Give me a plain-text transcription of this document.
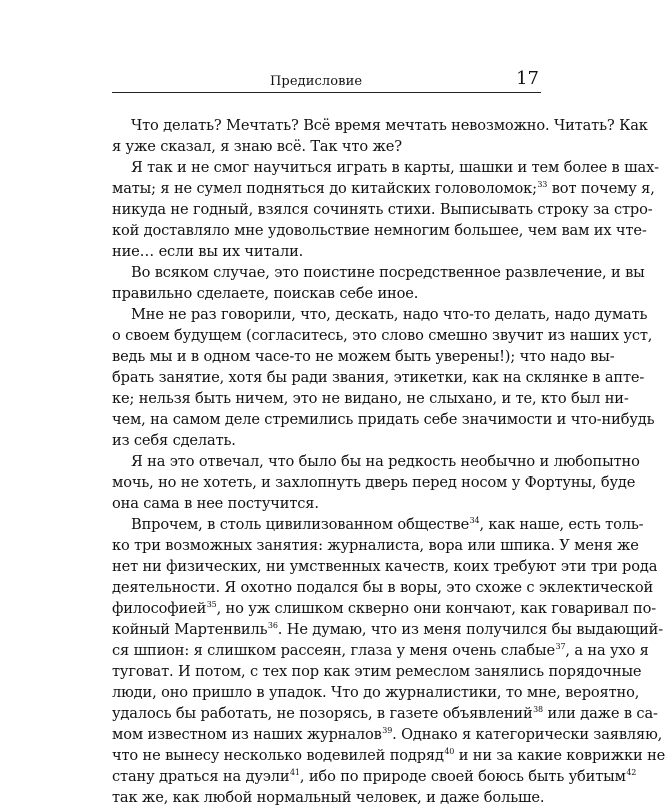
Предисловие	17
Что делать? Мечтать? Всё время мечтать невозможно. Читать? Как
я уже сказал, я знаю всё. Так что же?
Я так и не смог научиться играть в карты, шашки и тем более в шах-
маты; я не сумел подняться до китайских головоломок;$^{33}$ вот почему я,
никуда не годный, взялся сочинять стихи. Выписывать строку за стро-
кой доставляло мне удовольствие немногим большее, чем вам их чте-
ние… если вы их читали.
Во всяком случае, это поистине посредственное развлечение, и вы
правильно сделаете, поискав себе иное.
Мне не раз говорили, что, дескать, надо что-то делать, надо думать
о своем будущем (согласитесь, это слово смешно звучит из наших уст,
ведь мы и в одном часе-то не можем быть уверены!); что надо вы-
брать занятие, хотя бы ради звания, этикетки, как на склянке в апте-
ке; нельзя быть ничем, это не видано, не слыхано, и те, кто был ни-
чем, на самом деле стремились придать себе значимости и что-нибудь
из себя сделать.
Я на это отвечал, что было бы на редкость необычно и любопытно
мочь, но не хотеть, и захлопнуть дверь перед носом у Фортуны, буде
она сама в нее постучится.
Впрочем, в столь цивилизованном обществе$^{34}$, как наше, есть толь-
ко три возможных занятия: журналиста, вора или шпика. У меня же
нет ни физических, ни умственных качеств, коих требуют эти три рода
деятельности. Я охотно подался бы в воры, это схоже с эклектической
философией$^{35}$, но уж слишком скверно они кончают, как говаривал по-
койный Мартенвиль$^{36}$. Не думаю, что из меня получился бы выдающий-
ся шпион: я слишком рассеян, глаза у меня очень слабые$^{37}$, а на ухо я
туговат. И потом, с тех пор как этим ремеслом занялись порядочные
люди, оно пришло в упадок. Что до журналистики, то мне, вероятно,
удалось бы работать, не позорясь, в газете объявлений$^{38}$ или даже в са-
мом известном из наших журналов$^{39}$. Однако я категорически заявляю,
что не вынесу несколько водевилей подряд$^{40}$ и ни за какие коврижки не
стану драться на дуэли$^{41}$, ибо по природе своей боюсь быть убитым$^{42}$
так же, как любой нормальный человек, и даже больше.
